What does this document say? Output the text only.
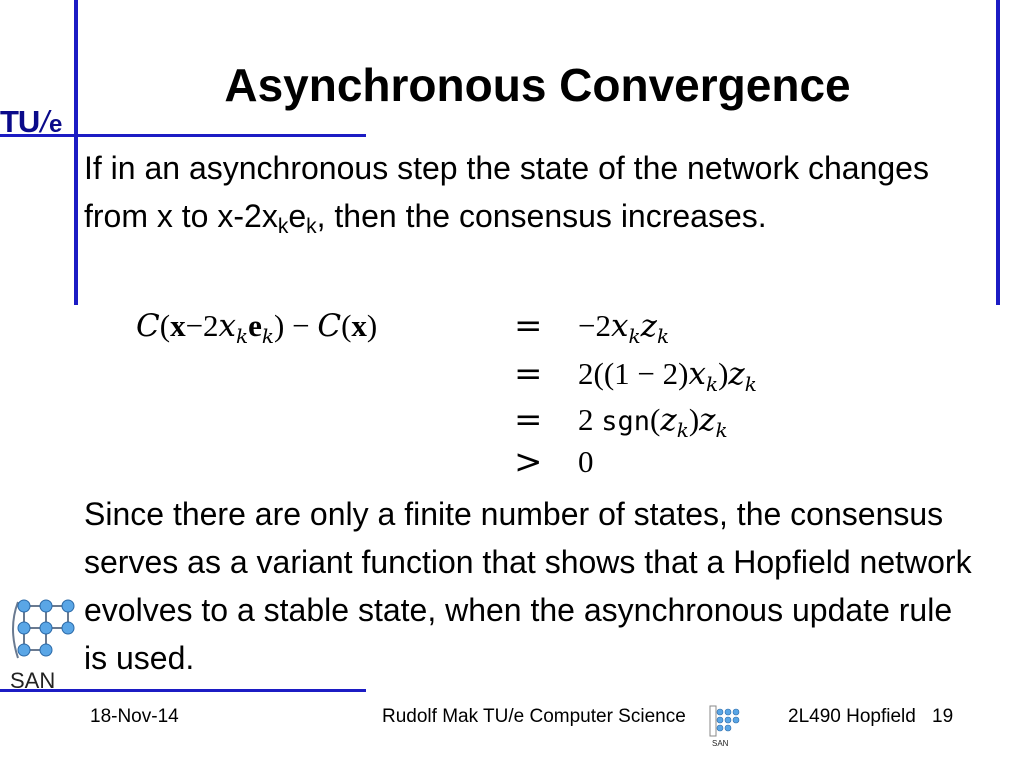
TU/e
Asynchronous Convergence

If in an asynchronous step the state of the network changes from x to $x-2x_ke_k$, then the consensus increases.

$C(x-2x_ke_k) - C(x)$	= $-2x_kz_k$
= $2((1 - 2)x_k)z_k$
= 2 $sgn(z_k)z_k$
> 0

Since there are only a finite number of states, the consensus serves as a variant function that shows that a Hopfield network evolves to a stable state, when the asynchronous update rule is used.

SAN
18-Nov-14	Rudolf Mak TU/e Computer Science
SAN
2L490 Hopfield 19
